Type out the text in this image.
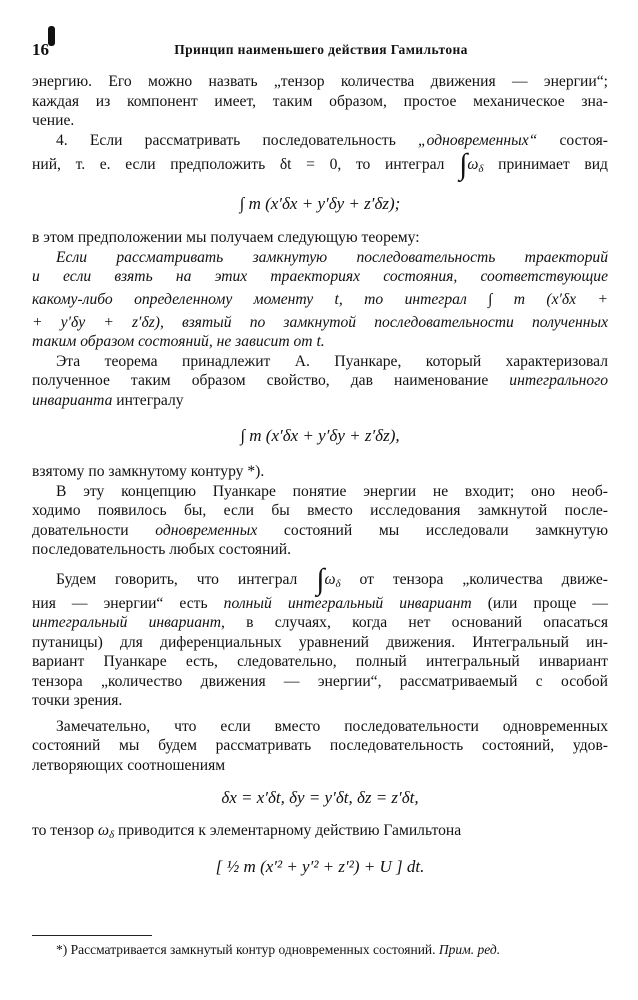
16	Принцип наименьшего действия Гамильтона
энергию. Его можно назвать „тензор количества движения — энергии“;
каждая из компонент имеет, таким образом, простое механическое зна-
чение.
4. Если рассматривать последовательность „одновременных“ состоя-
ний, т. е. если предположить δt = 0, то интеграл $\int\omega_\delta$ принимает вид
∫ m (x′δx + y′δy + z′δz);
в этом предположении мы получаем следующую теорему:
Если рассматривать замкнутую последовательность траекторий
и если взять на этих траекториях состояния, соответствующие
какому-либо определенному моменту t, то интеграл ∫ m (x′δx +
+ y′δy + z′δz), взятый по замкнутой последовательности полученных
таким образом состояний, не зависит от t.
Эта теорема принадлежит А. Пуанкаре, который характеризовал
полученное таким образом свойство, дав наименование интегрального
инварианта интегралу
∫ m (x′δx + y′δy + z′δz),
взятому по замкнутому контуру *).
В эту концепцию Пуанкаре понятие энергии не входит; оно необ-
ходимо появилось бы, если бы вместо исследования замкнутой после-
довательности одновременных состояний мы исследовали замкнутую
последовательность любых состояний.
Будем говорить, что интеграл $\int\omega_\delta$ от тензора „количества движе-
ния — энергии“ есть полный интегральный инвариант (или проще —
интегральный инвариант, в случаях, когда нет оснований опасаться
путаницы) для диференциальных уравнений движения. Интегральный ин-
вариант Пуанкаре есть, следовательно, полный интегральный инвариант
тензора „количество движения — энергии“, рассматриваемый с особой
точки зрения.
Замечательно, что если вместо последовательности одновременных
состояний мы будем рассматривать последовательность состояний, удов-
летворяющих соотношениям
δx = x′δt, δy = y′δt, δz = z′δt,
то тензор $\omega_\delta$ приводится к элементарному действию Гамильтона
[ ½ m (x′² + y′² + z′²) + U ] dt.
*) Рассматривается замкнутый контур одновременных состояний. Прим. ред.
